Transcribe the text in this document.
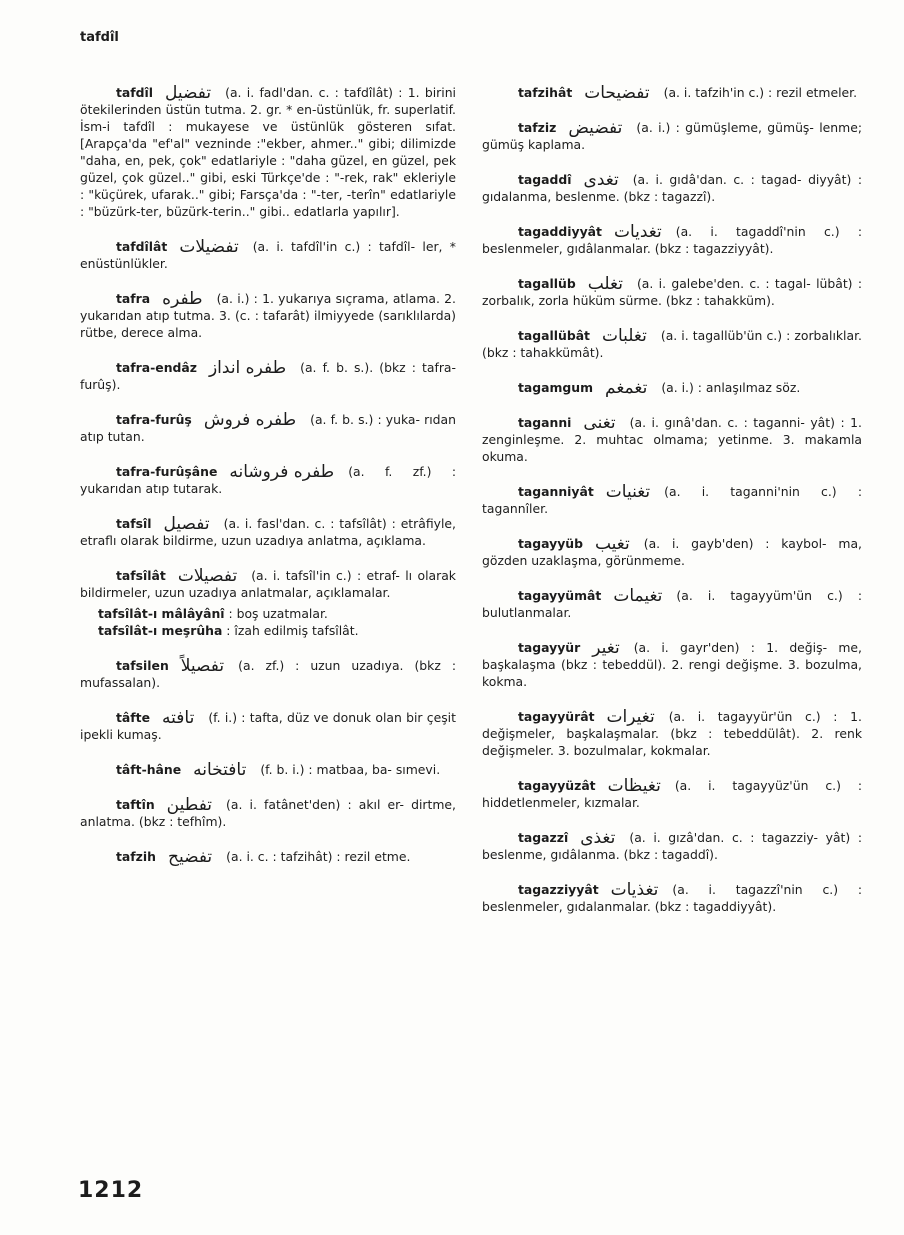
tafdîl
tafdîl تفضيل (a. i. fadl'dan. c. : tafdîlât) : 1. birini ötekilerinden üstün tutma. 2. gr. * en-üstünlük, fr. superlatif. İsm-i tafdîl : mukayese ve üstünlük gösteren sıfat. [Arapça'da "ef'al" vezninde :"ekber, ahmer.." gibi; dilimizde "daha, en, pek, çok" edatlariyle : "daha güzel, en güzel, pek güzel, çok güzel.." gibi, eski Türkçe'de : "-rek, rak" ekleriyle : "küçürek, ufarak.." gibi; Farsça'da : "-ter, -terîn" edatlariyle : "büzürk-ter, büzürk-terin.." gibi.. edatlarla yapılır].
tafdîlât تفضيلات (a. i. tafdîl'in c.) : tafdîl- ler, * enüstünlükler.
tafra طفره (a. i.) : 1. yukarıya sıçrama, atlama. 2. yukarıdan atıp tutma. 3. (c. : tafarât) ilmiyyede (sarıklılarda) rütbe, derece alma.
tafra-endâz طفره انداز (a. f. b. s.). (bkz : tafra-furûş).
tafra-furûş طفره فروش (a. f. b. s.) : yuka- rıdan atıp tutan.
tafra-furûşâne طفره فروشانه (a. f. zf.) : yukarıdan atıp tutarak.
tafsîl تفصيل (a. i. fasl'dan. c. : tafsîlât) : etrâfiyle, etraflı olarak bildirme, uzun uzadıya anlatma, açıklama.
tafsîlât تفصيلات (a. i. tafsîl'in c.) : etraf- lı olarak bildirmeler, uzun uzadıya anlatmalar, açıklamalar.

tafsîlât-ı mâlâyânî : boş uzatmalar.

tafsîlât-ı meşrûha : îzah edilmiş tafsîlât.

tafsilen تفصيلاً (a. zf.) : uzun uzadıya. (bkz : mufassalan).
tâfte تافته (f. i.) : tafta, düz ve donuk olan bir çeşit ipekli kumaş.
tâft-hâne تافتخانه (f. b. i.) : matbaa, ba- sımevi.
taftîn تفطين (a. i. fatânet'den) : akıl er- dirtme, anlatma. (bkz : tefhîm).
tafzih تفضيح (a. i. c. : tafzihât) : rezil etme.
tafzihât تفضيحات (a. i. tafzih'in c.) : rezil etmeler.
tafziz تفضيض (a. i.) : gümüşleme, gümüş- lenme; gümüş kaplama.
tagaddî تغدى (a. i. gıdâ'dan. c. : tagad- diyyât) : gıdalanma, beslenme. (bkz : tagazzî).
tagaddiyyât تغديات (a. i. tagaddî'nin c.) : beslenmeler, gıdâlanmalar. (bkz : tagazziyyât).
tagallüb تغلب (a. i. galebe'den. c. : tagal- lübât) : zorbalık, zorla hüküm sürme. (bkz : tahakküm).
tagallübât تغلبات (a. i. tagallüb'ün c.) : zorbalıklar. (bkz : tahakkümât).
tagamgum تغمغم (a. i.) : anlaşılmaz söz.
taganni تغنى (a. i. gınâ'dan. c. : taganni- yât) : 1. zenginleşme. 2. muhtac olmama; yetinme. 3. makamla okuma.
taganniyât تغنيات (a. i. taganni'nin c.) : tagannîler.
tagayyüb تغيب (a. i. gayb'den) : kaybol- ma, gözden uzaklaşma, görünmeme.
tagayyümât تغيمات (a. i. tagayyüm'ün c.) : bulutlanmalar.
tagayyür تغير (a. i. gayr'den) : 1. değiş- me, başkalaşma (bkz : tebeddül). 2. rengi değişme. 3. bozulma, kokma.
tagayyürât تغيرات (a. i. tagayyür'ün c.) : 1. değişmeler, başkalaşmalar. (bkz : tebeddülât). 2. renk değişmeler. 3. bozulmalar, kokmalar.
tagayyüzât تغيظات (a. i. tagayyüz'ün c.) : hiddetlenmeler, kızmalar.
tagazzî تغذى (a. i. gızâ'dan. c. : tagazziy- yât) : beslenme, gıdâlanma. (bkz : tagaddî).
tagazziyyât تغذيات (a. i. tagazzî'nin c.) : beslenmeler, gıdalanmalar. (bkz : tagaddiyyât).
1212
